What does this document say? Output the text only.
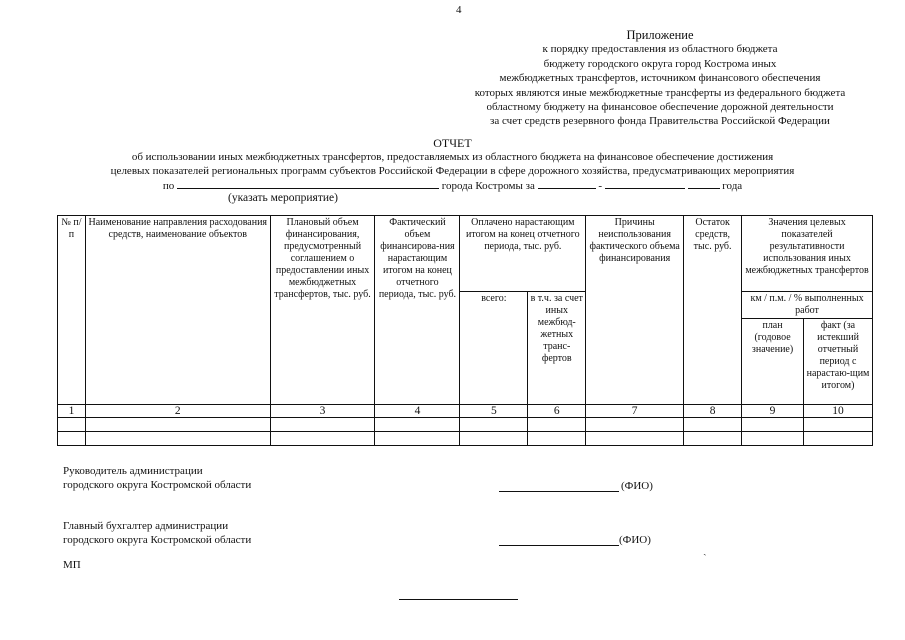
4
Приложение
к порядку предоставления из областного бюджета
бюджету городского округа город Кострома иных
межбюджетных трансфертов, источником финансового обеспечения
которых являются иные межбюджетные трансферты из федерального бюджета
областному бюджету на финансовое обеспечение дорожной деятельности
за счет средств резервного фонда Правительства Российской Федерации
ОТЧЕТ
об использовании иных межбюджетных трансфертов, предоставляемых из областного бюджета на финансовое обеспечение достижения
целевых показателей региональных программ субъектов Российской Федерации в сфере дорожного хозяйства, предусматривающих мероприятия
по	города Костромы за	-	года
(указать мероприятие)
№ п/п	Наименование направления расходования средств, наименование объектов	Плановый объем финансирования, предусмотренный соглашением о предоставлении иных межбюджетных трансфертов, тыс. руб.	Фактический объем финансирова-ния нарастающим итогом на конец отчетного периода, тыс. руб.	Оплачено нарастающим итогом на конец отчетного периода, тыс. руб.		Причины неиспользования фактического объема финансирования	Остаток средств, тыс. руб.	Значения целевых показателей результативности использования иных межбюджетных трансфертов	
				всего:	в т.ч. за счет иных межбюд-жетных транс-фертов			км / п.м. / % выполненных работ	
								план (годовое значение)	факт (за истекший отчетный период с нарастаю-щим итогом)
1	2	3	4	5	6	7	8	9	10

Руководитель администрации
городского округа Костромской области	(ФИО)
Главный бухгалтер администрации
городского округа Костромской области	(ФИО)
МП
ˎ
